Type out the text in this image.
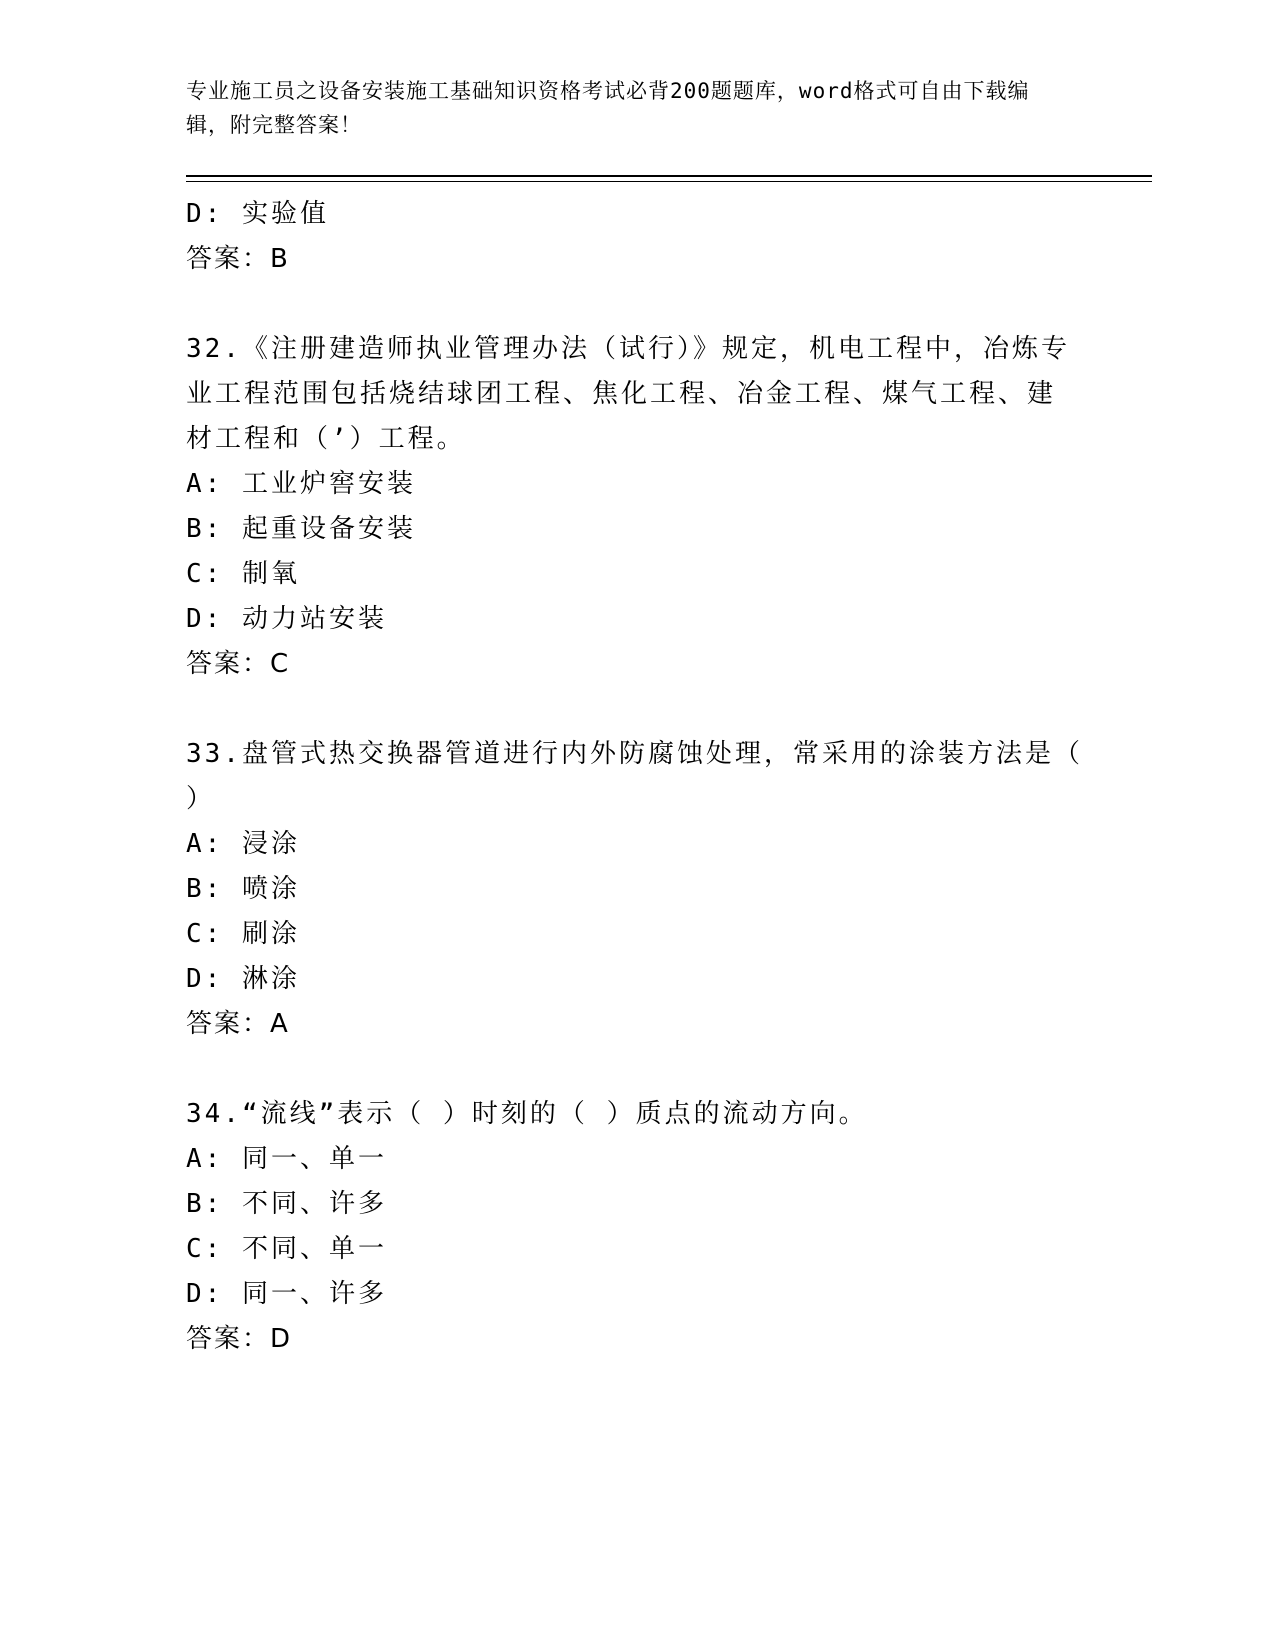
专业施工员之设备安装施工基础知识资格考试必背200题题库，word格式可自由下载编辑，附完整答案！
D: 实验值
答案：B
32.《注册建造师执业管理办法（试行）》规定，机电工程中，冶炼专
业工程范围包括烧结球团工程、焦化工程、冶金工程、煤气工程、建
材工程和（’）工程。
A: 工业炉窖安装
B: 起重设备安装
C: 制氧
D: 动力站安装
答案：C
33.盘管式热交换器管道进行内外防腐蚀处理，常采用的涂装方法是（
）
A: 浸涂
B: 喷涂
C: 刷涂
D: 淋涂
答案：A
34.“流线”表示（ ）时刻的（ ）质点的流动方向。
A: 同一、单一
B: 不同、许多
C: 不同、单一
D: 同一、许多
答案：D
